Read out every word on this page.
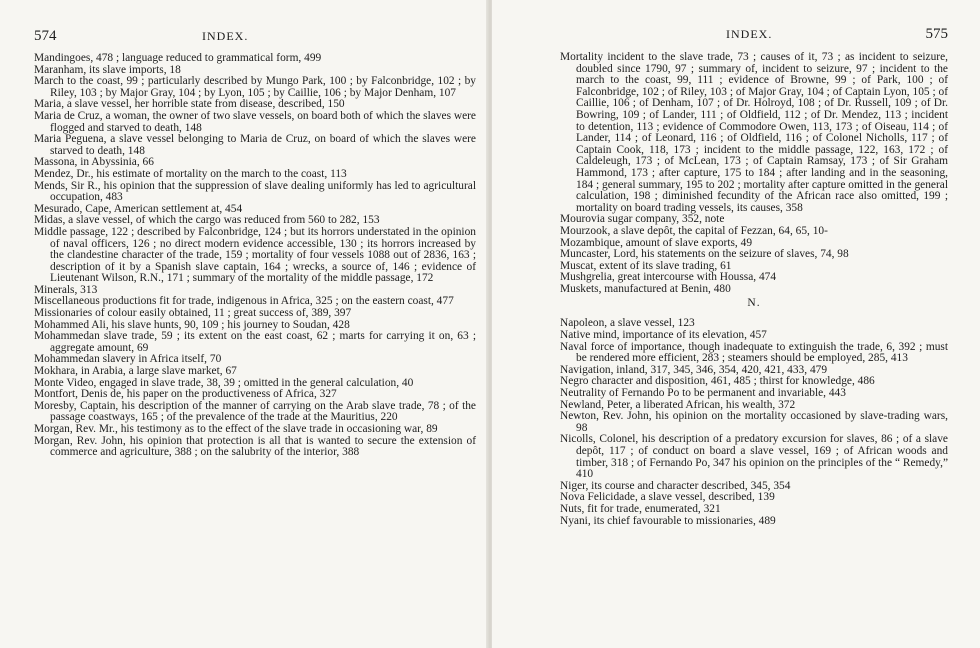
574	INDEX.
Mandingoes, 478 ; language reduced to grammatical form, 499
Maranham, its slave imports, 18
March to the coast, 99 ; particularly described by Mungo Park, 100 ; by Falconbridge, 102 ; by Riley, 103 ; by Major Gray, 104 ; by Lyon, 105 ; by Caillie, 106 ; by Major Denham, 107
Maria, a slave vessel, her horrible state from disease, described, 150
Maria de Cruz, a woman, the owner of two slave vessels, on board both of which the slaves were flogged and starved to death, 148
Maria Peguena, a slave vessel belonging to Maria de Cruz, on board of which the slaves were starved to death, 148
Massona, in Abyssinia, 66
Mendez, Dr., his estimate of mortality on the march to the coast, 113
Mends, Sir R., his opinion that the suppression of slave dealing uniformly has led to agricultural occupation, 483
Mesurado, Cape, American settlement at, 454
Midas, a slave vessel, of which the cargo was reduced from 560 to 282, 153
Middle passage, 122 ; described by Falconbridge, 124 ; but its horrors understated in the opinion of naval officers, 126 ; no direct modern evidence accessible, 130 ; its horrors increased by the clandestine character of the trade, 159 ; mortality of four vessels 1088 out of 2836, 163 ; description of it by a Spanish slave captain, 164 ; wrecks, a source of, 146 ; evidence of Lieutenant Wilson, R.N., 171 ; summary of the mortality of the middle passage, 172
Minerals, 313
Miscellaneous productions fit for trade, indigenous in Africa, 325 ; on the eastern coast, 477
Missionaries of colour easily obtained, 11 ; great success of, 389, 397
Mohammed Ali, his slave hunts, 90, 109 ; his journey to Soudan, 428
Mohammedan slave trade, 59 ; its extent on the east coast, 62 ; marts for carrying it on, 63 ; aggregate amount, 69
Mohammedan slavery in Africa itself, 70
Mokhara, in Arabia, a large slave market, 67
Monte Video, engaged in slave trade, 38, 39 ; omitted in the general calculation, 40
Montfort, Denis de, his paper on the productiveness of Africa, 327
Moresby, Captain, his description of the manner of carrying on the Arab slave trade, 78 ; of the passage coastways, 165 ; of the prevalence of the trade at the Mauritius, 220
Morgan, Rev. Mr., his testimony as to the effect of the slave trade in occasioning war, 89
Morgan, Rev. John, his opinion that protection is all that is wanted to secure the extension of commerce and agriculture, 388 ; on the salubrity of the interior, 388
INDEX.	575
Mortality incident to the slave trade, 73 ; causes of it, 73 ; as incident to seizure, doubled since 1790, 97 ; summary of, incident to seizure, 97 ; incident to the march to the coast, 99, 111 ; evidence of Browne, 99 ; of Park, 100 ; of Falconbridge, 102 ; of Riley, 103 ; of Major Gray, 104 ; of Captain Lyon, 105 ; of Caillie, 106 ; of Denham, 107 ; of Dr. Holroyd, 108 ; of Dr. Russell, 109 ; of Dr. Bowring, 109 ; of Lander, 111 ; of Oldfield, 112 ; of Dr. Mendez, 113 ; incident to detention, 113 ; evidence of Commodore Owen, 113, 173 ; of Oiseau, 114 ; of Lander, 114 ; of Leonard, 116 ; of Oldfield, 116 ; of Colonel Nicholls, 117 ; of Captain Cook, 118, 173 ; incident to the middle passage, 122, 163, 172 ; of Caldeleugh, 173 ; of McLean, 173 ; of Captain Ramsay, 173 ; of Sir Graham Hammond, 173 ; after capture, 175 to 184 ; after landing and in the seasoning, 184 ; general summary, 195 to 202 ; mortality after capture omitted in the general calculation, 198 ; diminished fecundity of the African race also omitted, 199 ; mortality on board trading vessels, its causes, 358
Mourovia sugar company, 352, note
Mourzook, a slave depôt, the capital of Fezzan, 64, 65, 10-
Mozambique, amount of slave exports, 49
Muncaster, Lord, his statements on the seizure of slaves, 74, 98
Muscat, extent of its slave trading, 61
Mushgrelia, great intercourse with Houssa, 474
Muskets, manufactured at Benin, 480
N.
Napoleon, a slave vessel, 123
Native mind, importance of its elevation, 457
Naval force of importance, though inadequate to extinguish the trade, 6, 392 ; must be rendered more efficient, 283 ; steamers should be employed, 285, 413
Navigation, inland, 317, 345, 346, 354, 420, 421, 433, 479
Negro character and disposition, 461, 485 ; thirst for knowledge, 486
Neutrality of Fernando Po to be permanent and invariable, 443
Newland, Peter, a liberated African, his wealth, 372
Newton, Rev. John, his opinion on the mortality occasioned by slave-trading wars, 98
Nicolls, Colonel, his description of a predatory excursion for slaves, 86 ; of a slave depôt, 117 ; of conduct on board a slave vessel, 169 ; of African woods and timber, 318 ; of Fernando Po, 347 his opinion on the principles of the “ Remedy,” 410
Niger, its course and character described, 345, 354
Nova Felicidade, a slave vessel, described, 139
Nuts, fit for trade, enumerated, 321
Nyani, its chief favourable to missionaries, 489
